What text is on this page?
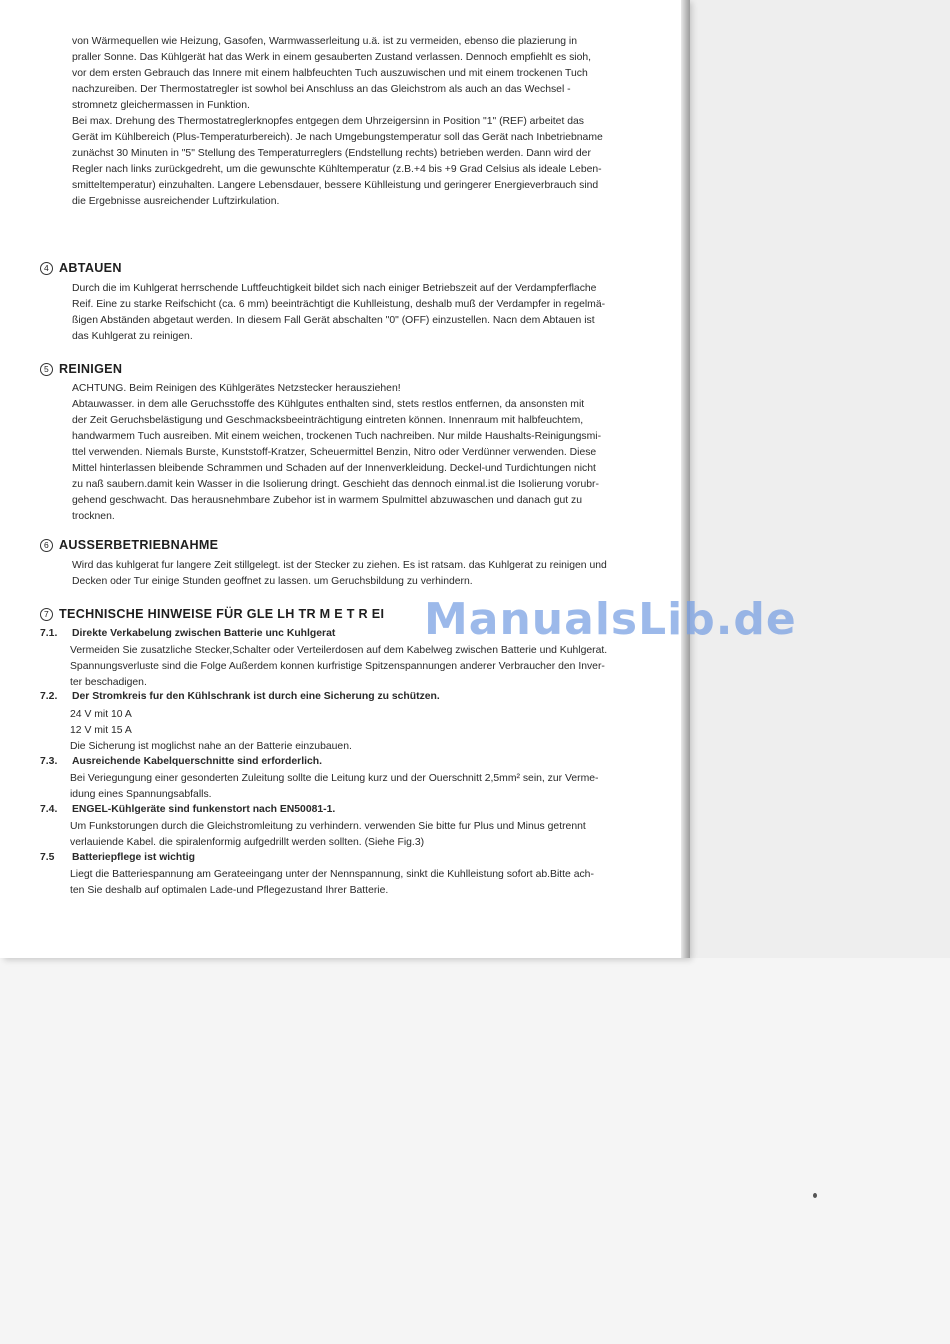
von Wärmequellen wie Heizung, Gasofen, Warmwasserleitung u.ä. ist zu vermeiden, ebenso die plazierung in
praller Sonne. Das Kühlgerät hat das Werk in einem gesauberten Zustand verlassen. Dennoch empfiehlt es sioh,
vor dem ersten Gebrauch das Innere mit einem halbfeuchten Tuch auszuwischen und mit einem trockenen Tuch
nachzureiben. Der Thermostatregler ist sowhol bei Anschluss an das Gleichstrom als auch an das Wechsel -
stromnetz gleichermassen in Funktion.
Bei max. Drehung des Thermostatreglerknopfes entgegen dem Uhrzeigersinn in Position "1" (REF) arbeitet das
Gerät im Kühlbereich (Plus-Temperaturbereich). Je nach Umgebungstemperatur soll das Gerät nach Inbetriebname
zunächst 30 Minuten in "5" Stellung des Temperaturreglers (Endstellung rechts) betrieben werden. Dann wird der
Regler nach links zurückgedreht, um die gewunschte Kühltemperatur (z.B.+4 bis +9 Grad Celsius als ideale Leben-
smitteltemperatur) einzuhalten. Langere Lebensdauer, bessere Kühlleistung und geringerer Energieverbrauch sind
die Ergebnisse ausreichender Luftzirkulation.
4 ABTAUEN
Durch die im Kuhlgerat herrschende Luftfeuchtigkeit bildet sich nach einiger Betriebszeit auf der Verdampferflache
Reif. Eine zu starke Reifschicht (ca. 6 mm) beeinträchtigt die Kuhlleistung, deshalb muß der Verdampfer in regelmä-
ßigen Abständen abgetaut werden. In diesem Fall Gerät abschalten "0" (OFF) einzustellen. Nacn dem Abtauen ist
das Kuhlgerat zu reinigen.
5 REINIGEN
ACHTUNG. Beim Reinigen des Kühlgerätes Netzstecker herausziehen!
Abtauwasser. in dem alle Geruchsstoffe des Kühlgutes enthalten sind, stets restlos entfernen, da ansonsten mit
der Zeit Geruchsbelästigung und Geschmacksbeeinträchtigung eintreten können. Innenraum mit halbfeuchtem,
handwarmem Tuch ausreiben. Mit einem weichen, trockenen Tuch nachreiben. Nur milde Haushalts-Reinigungsmi-
ttel verwenden. Niemals Burste, Kunststoff-Kratzer, Scheuermittel Benzin, Nitro oder Verdünner verwenden. Diese
Mittel hinterlassen bleibende Schrammen und Schaden auf der Innenverkleidung. Deckel-und Turdichtungen nicht
zu naß saubern.damit kein Wasser in die Isolierung dringt. Geschieht das dennoch einmal.ist die Isolierung vorubr-
gehend geschwacht. Das herausnehmbare Zubehor ist in warmem Spulmittel abzuwaschen und danach gut zu
trocknen.
6 AUSSERBETRIEBNAHME
Wird das kuhlgerat fur langere Zeit stillgelegt. ist der Stecker zu ziehen. Es ist ratsam. das Kuhlgerat zu reinigen und
Decken oder Tur einige Stunden geoffnet zu lassen. um Geruchsbildung zu verhindern.
7 TECHNISCHE HINWEISE FÜR GLE LH TR M E T R EI
7.1. Direkte Verkabelung zwischen Batterie unc Kuhlgerat
Vermeiden Sie zusatzliche Stecker,Schalter oder Verteilerdosen auf dem Kabelweg zwischen Batterie und Kuhlgerat.
Spannungsverluste sind die Folge Außerdem konnen kurfristige Spitzenspannungen anderer Verbraucher den Inver-
ter beschadigen.
7.2. Der Stromkreis fur den Kühlschrank ist durch eine Sicherung zu schützen.
24 V mit 10 A
12 V mit 15 A
Die Sicherung ist moglichst nahe an der Batterie einzubauen.
7.3. Ausreichende Kabelquerschnitte sind erforderlich.
Bei Veriegungung einer gesonderten Zuleitung sollte die Leitung kurz und der Ouerschnitt 2,5mm² sein, zur Verme-
idung eines Spannungsabfalls.
7.4. ENGEL-Kühlgeräte sind funkenstort nach EN50081-1.
Um Funkstorungen durch die Gleichstromleitung zu verhindern. verwenden Sie bitte fur Plus und Minus getrennt
verlauiende Kabel. die spiralenformig aufgedrillt werden sollten. (Siehe Fig.3)
7.5 Batteriepflege ist wichtig
Liegt die Batteriespannung am Gerateeingang unter der Nennspannung, sinkt die Kuhlleistung sofort ab.Bitte ach-
ten Sie deshalb auf optimalen Lade-und Pflegezustand Ihrer Batterie.
ManualsLib.de
